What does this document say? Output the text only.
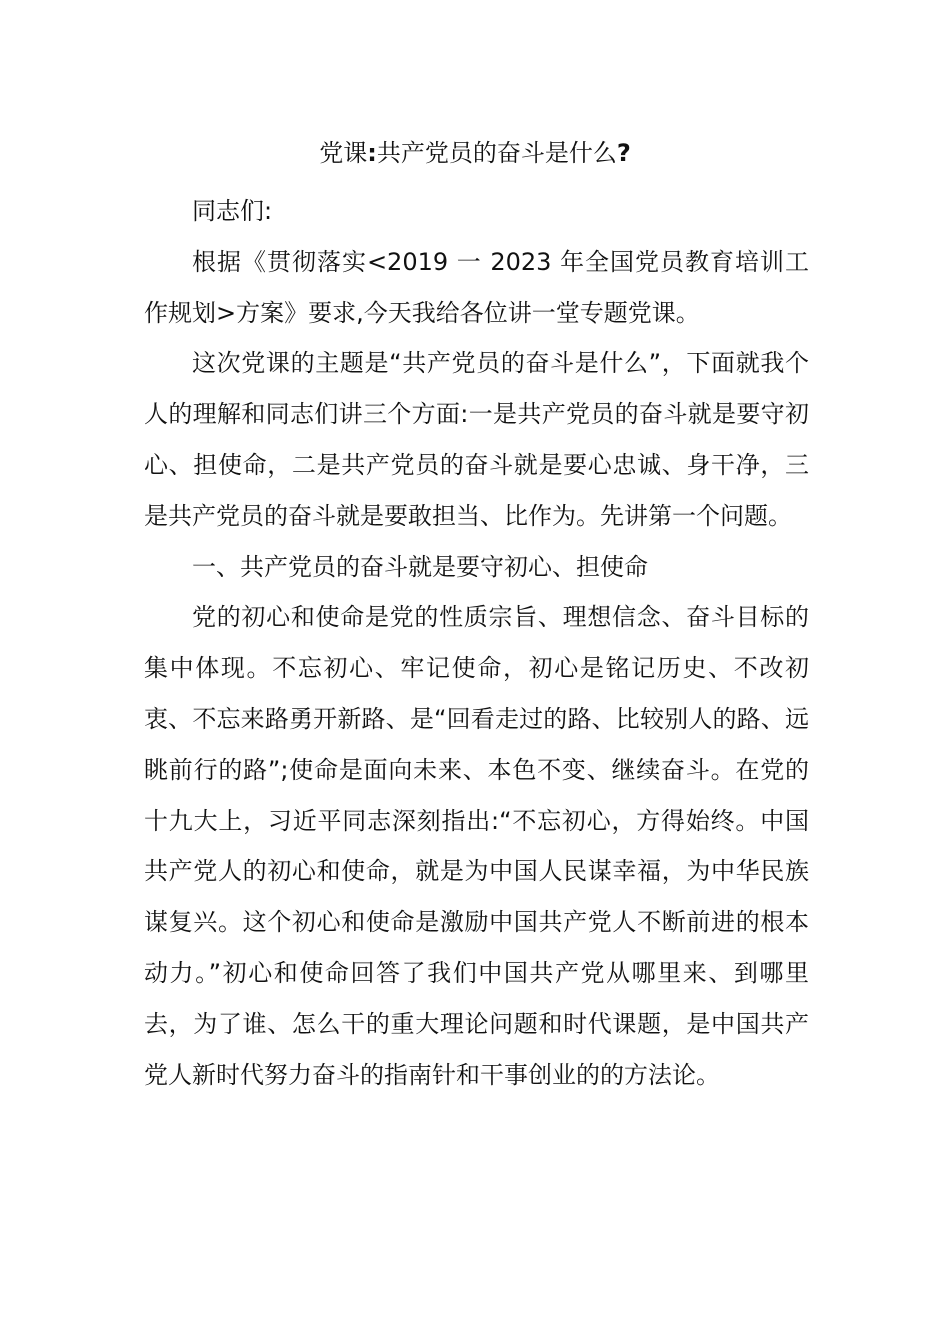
党课:共产党员的奋斗是什么?

同志们:

根据《贯彻落实<2019 一 2023 年全国党员教育培训工作规划>方案》要求,今天我给各位讲一堂专题党课。

这次党课的主题是“共产党员的奋斗是什么”，下面就我个人的理解和同志们讲三个方面:一是共产党员的奋斗就是要守初心、担使命，二是共产党员的奋斗就是要心忠诚、身干净，三是共产党员的奋斗就是要敢担当、比作为。先讲第一个问题。

一、共产党员的奋斗就是要守初心、担使命

党的初心和使命是党的性质宗旨、理想信念、奋斗目标的集中体现。不忘初心、牢记使命，初心是铭记历史、不改初衷、不忘来路勇开新路、是“回看走过的路、比较别人的路、远眺前行的路”;使命是面向未来、本色不变、继续奋斗。在党的十九大上，习近平同志深刻指出:“不忘初心，方得始终。中国共产党人的初心和使命，就是为中国人民谋幸福，为中华民族谋复兴。这个初心和使命是激励中国共产党人不断前进的根本动力。”初心和使命回答了我们中国共产党从哪里来、到哪里去，为了谁、怎么干的重大理论问题和时代课题，是中国共产党人新时代努力奋斗的指南针和干事创业的的方法论。
